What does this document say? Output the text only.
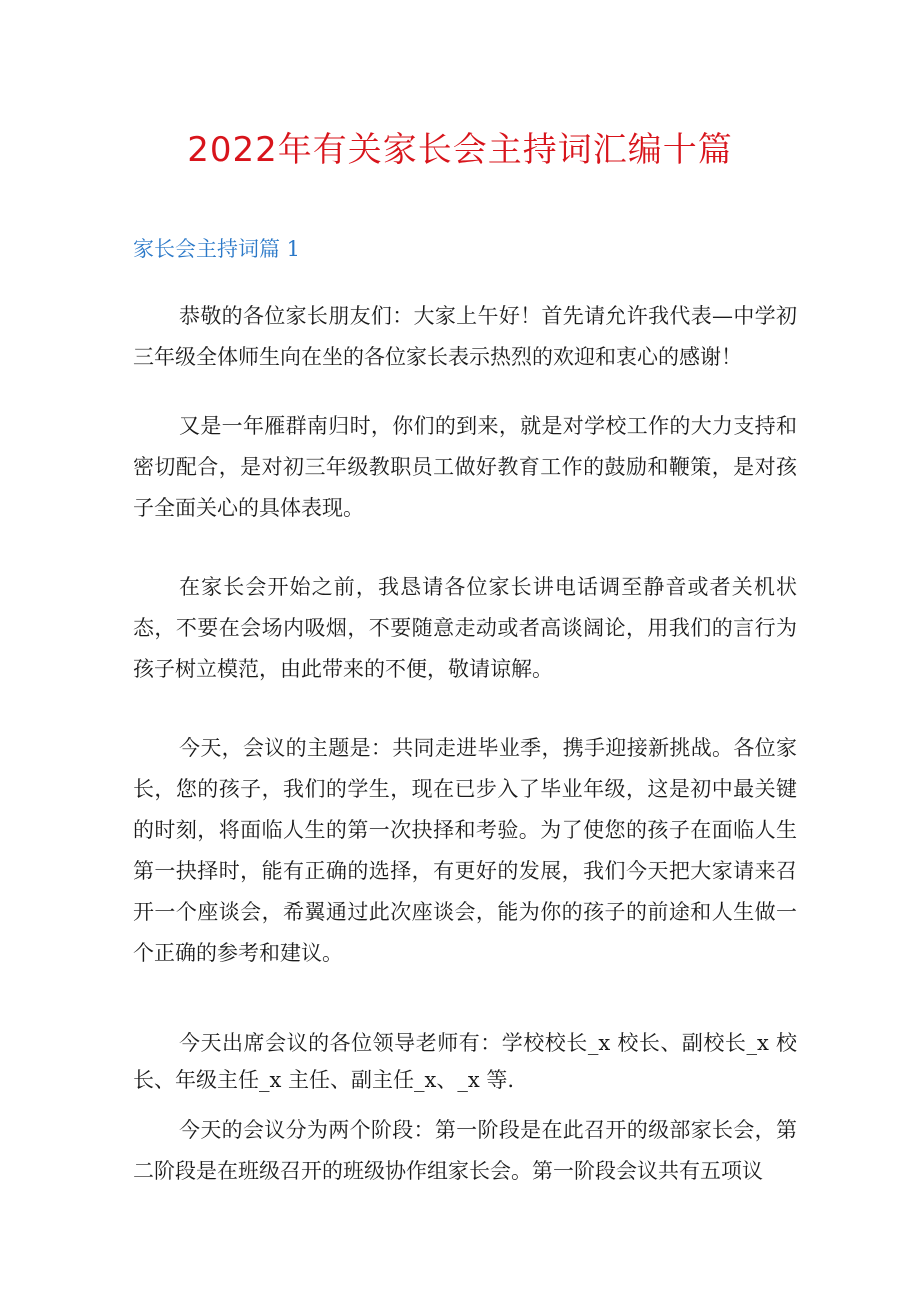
2022年有关家长会主持词汇编十篇
家长会主持词篇 1

恭敬的各位家长朋友们：大家上午好！首先请允许我代表—中学初三年级全体师生向在坐的各位家长表示热烈的欢迎和衷心的感谢！

又是一年雁群南归时，你们的到来，就是对学校工作的大力支持和密切配合，是对初三年级教职员工做好教育工作的鼓励和鞭策，是对孩子全面关心的具体表现。

在家长会开始之前，我恳请各位家长讲电话调至静音或者关机状态，不要在会场内吸烟，不要随意走动或者高谈阔论，用我们的言行为孩子树立模范，由此带来的不便，敬请谅解。

今天，会议的主题是：共同走进毕业季，携手迎接新挑战。各位家长，您的孩子，我们的学生，现在已步入了毕业年级，这是初中最关键的时刻，将面临人生的第一次抉择和考验。为了使您的孩子在面临人生第一抉择时，能有正确的选择，有更好的发展，我们今天把大家请来召开一个座谈会，希翼通过此次座谈会，能为你的孩子的前途和人生做一个正确的参考和建议。

今天出席会议的各位领导老师有：学校校长_x 校长、副校长_x 校长、年级主任_x 主任、副主任_x、_x 等.

今天的会议分为两个阶段：第一阶段是在此召开的级部家长会，第二阶段是在班级召开的班级协作组家长会。第一阶段会议共有五项议
